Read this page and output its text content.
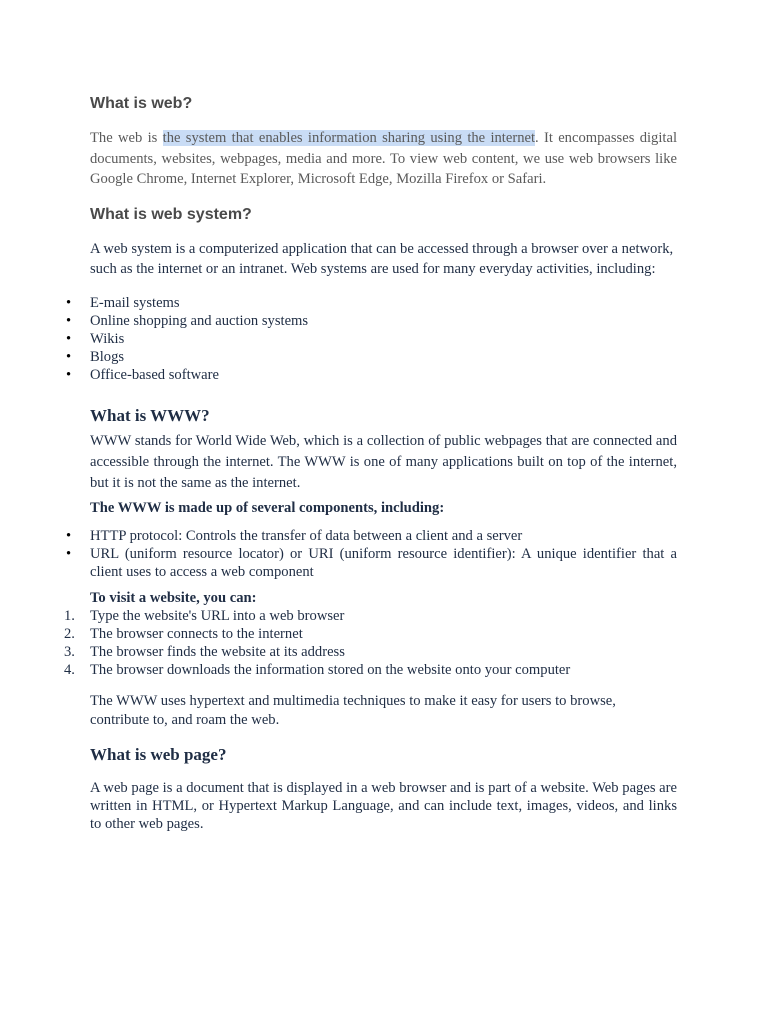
What is web?

The web is the system that enables information sharing using the internet. It encompasses digital documents, websites, webpages, media and more. To view web content, we use web browsers like Google Chrome, Internet Explorer, Microsoft Edge, Mozilla Firefox or Safari.

What is web system?

A web system is a computerized application that can be accessed through a browser over a network, such as the internet or an intranet. Web systems are used for many everyday activities, including:

• E-mail systems
• Online shopping and auction systems
• Wikis
• Blogs
• Office-based software
What is WWW?

WWW stands for World Wide Web, which is a collection of public webpages that are connected and accessible through the internet. The WWW is one of many applications built on top of the internet, but it is not the same as the internet.

The WWW is made up of several components, including:

• HTTP protocol: Controls the transfer of data between a client and a server
• URL (uniform resource locator) or URI (uniform resource identifier): A unique identifier that a client uses to access a web component

To visit a website, you can:

1. Type the website's URL into a web browser
2. The browser connects to the internet
3. The browser finds the website at its address
4. The browser downloads the information stored on the website onto your computer

The WWW uses hypertext and multimedia techniques to make it easy for users to browse, contribute to, and roam the web.

What is web page?

A web page is a document that is displayed in a web browser and is part of a website. Web pages are written in HTML, or Hypertext Markup Language, and can include text, images, videos, and links to other web pages.
